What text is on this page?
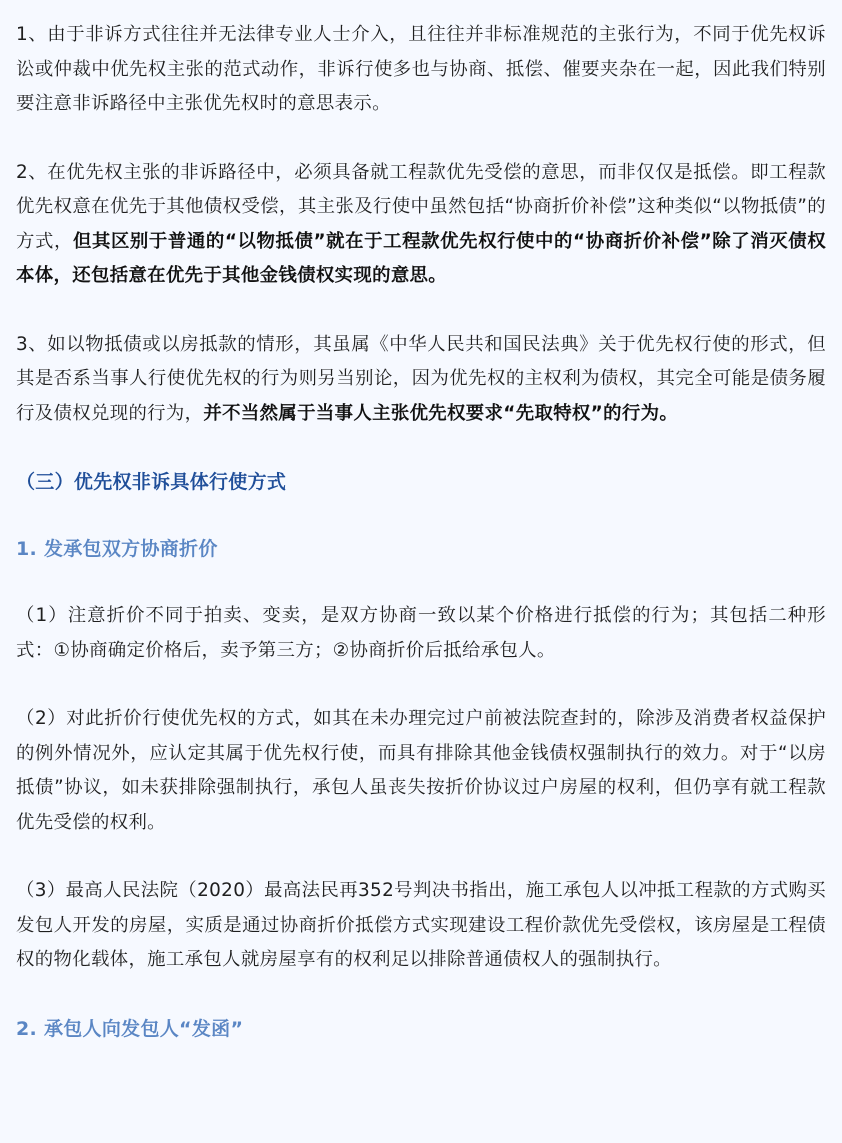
1、由于非诉方式往往并无法律专业人士介入，且往往并非标准规范的主张行为，不同于优先权诉讼或仲裁中优先权主张的范式动作，非诉行使多也与协商、抵偿、催要夹杂在一起，因此我们特别要注意非诉路径中主张优先权时的意思表示。

2、在优先权主张的非诉路径中，必须具备就工程款优先受偿的意思，而非仅仅是抵偿。即工程款优先权意在优先于其他债权受偿，其主张及行使中虽然包括“协商折价补偿”这种类似“以物抵债”的方式，但其区别于普通的“以物抵债”就在于工程款优先权行使中的“协商折价补偿”除了消灭债权本体，还包括意在优先于其他金钱债权实现的意思。

3、如以物抵债或以房抵款的情形，其虽属《中华人民共和国民法典》关于优先权行使的形式，但其是否系当事人行使优先权的行为则另当别论，因为优先权的主权利为债权，其完全可能是债务履行及债权兑现的行为，并不当然属于当事人主张优先权要求“先取特权”的行为。

（三）优先权非诉具体行使方式
1. 发承包双方协商折价

（1）注意折价不同于拍卖、变卖，是双方协商一致以某个价格进行抵偿的行为；其包括二种形式：①协商确定价格后，卖予第三方；②协商折价后抵给承包人。

（2）对此折价行使优先权的方式，如其在未办理完过户前被法院查封的，除涉及消费者权益保护的例外情况外，应认定其属于优先权行使，而具有排除其他金钱债权强制执行的效力。对于“以房抵债”协议，如未获排除强制执行，承包人虽丧失按折价协议过户房屋的权利，但仍享有就工程款优先受偿的权利。

（3）最高人民法院（2020）最高法民再352号判决书指出，施工承包人以冲抵工程款的方式购买发包人开发的房屋，实质是通过协商折价抵偿方式实现建设工程价款优先受偿权，该房屋是工程债权的物化载体，施工承包人就房屋享有的权利足以排除普通债权人的强制执行。

2. 承包人向发包人“发函”
